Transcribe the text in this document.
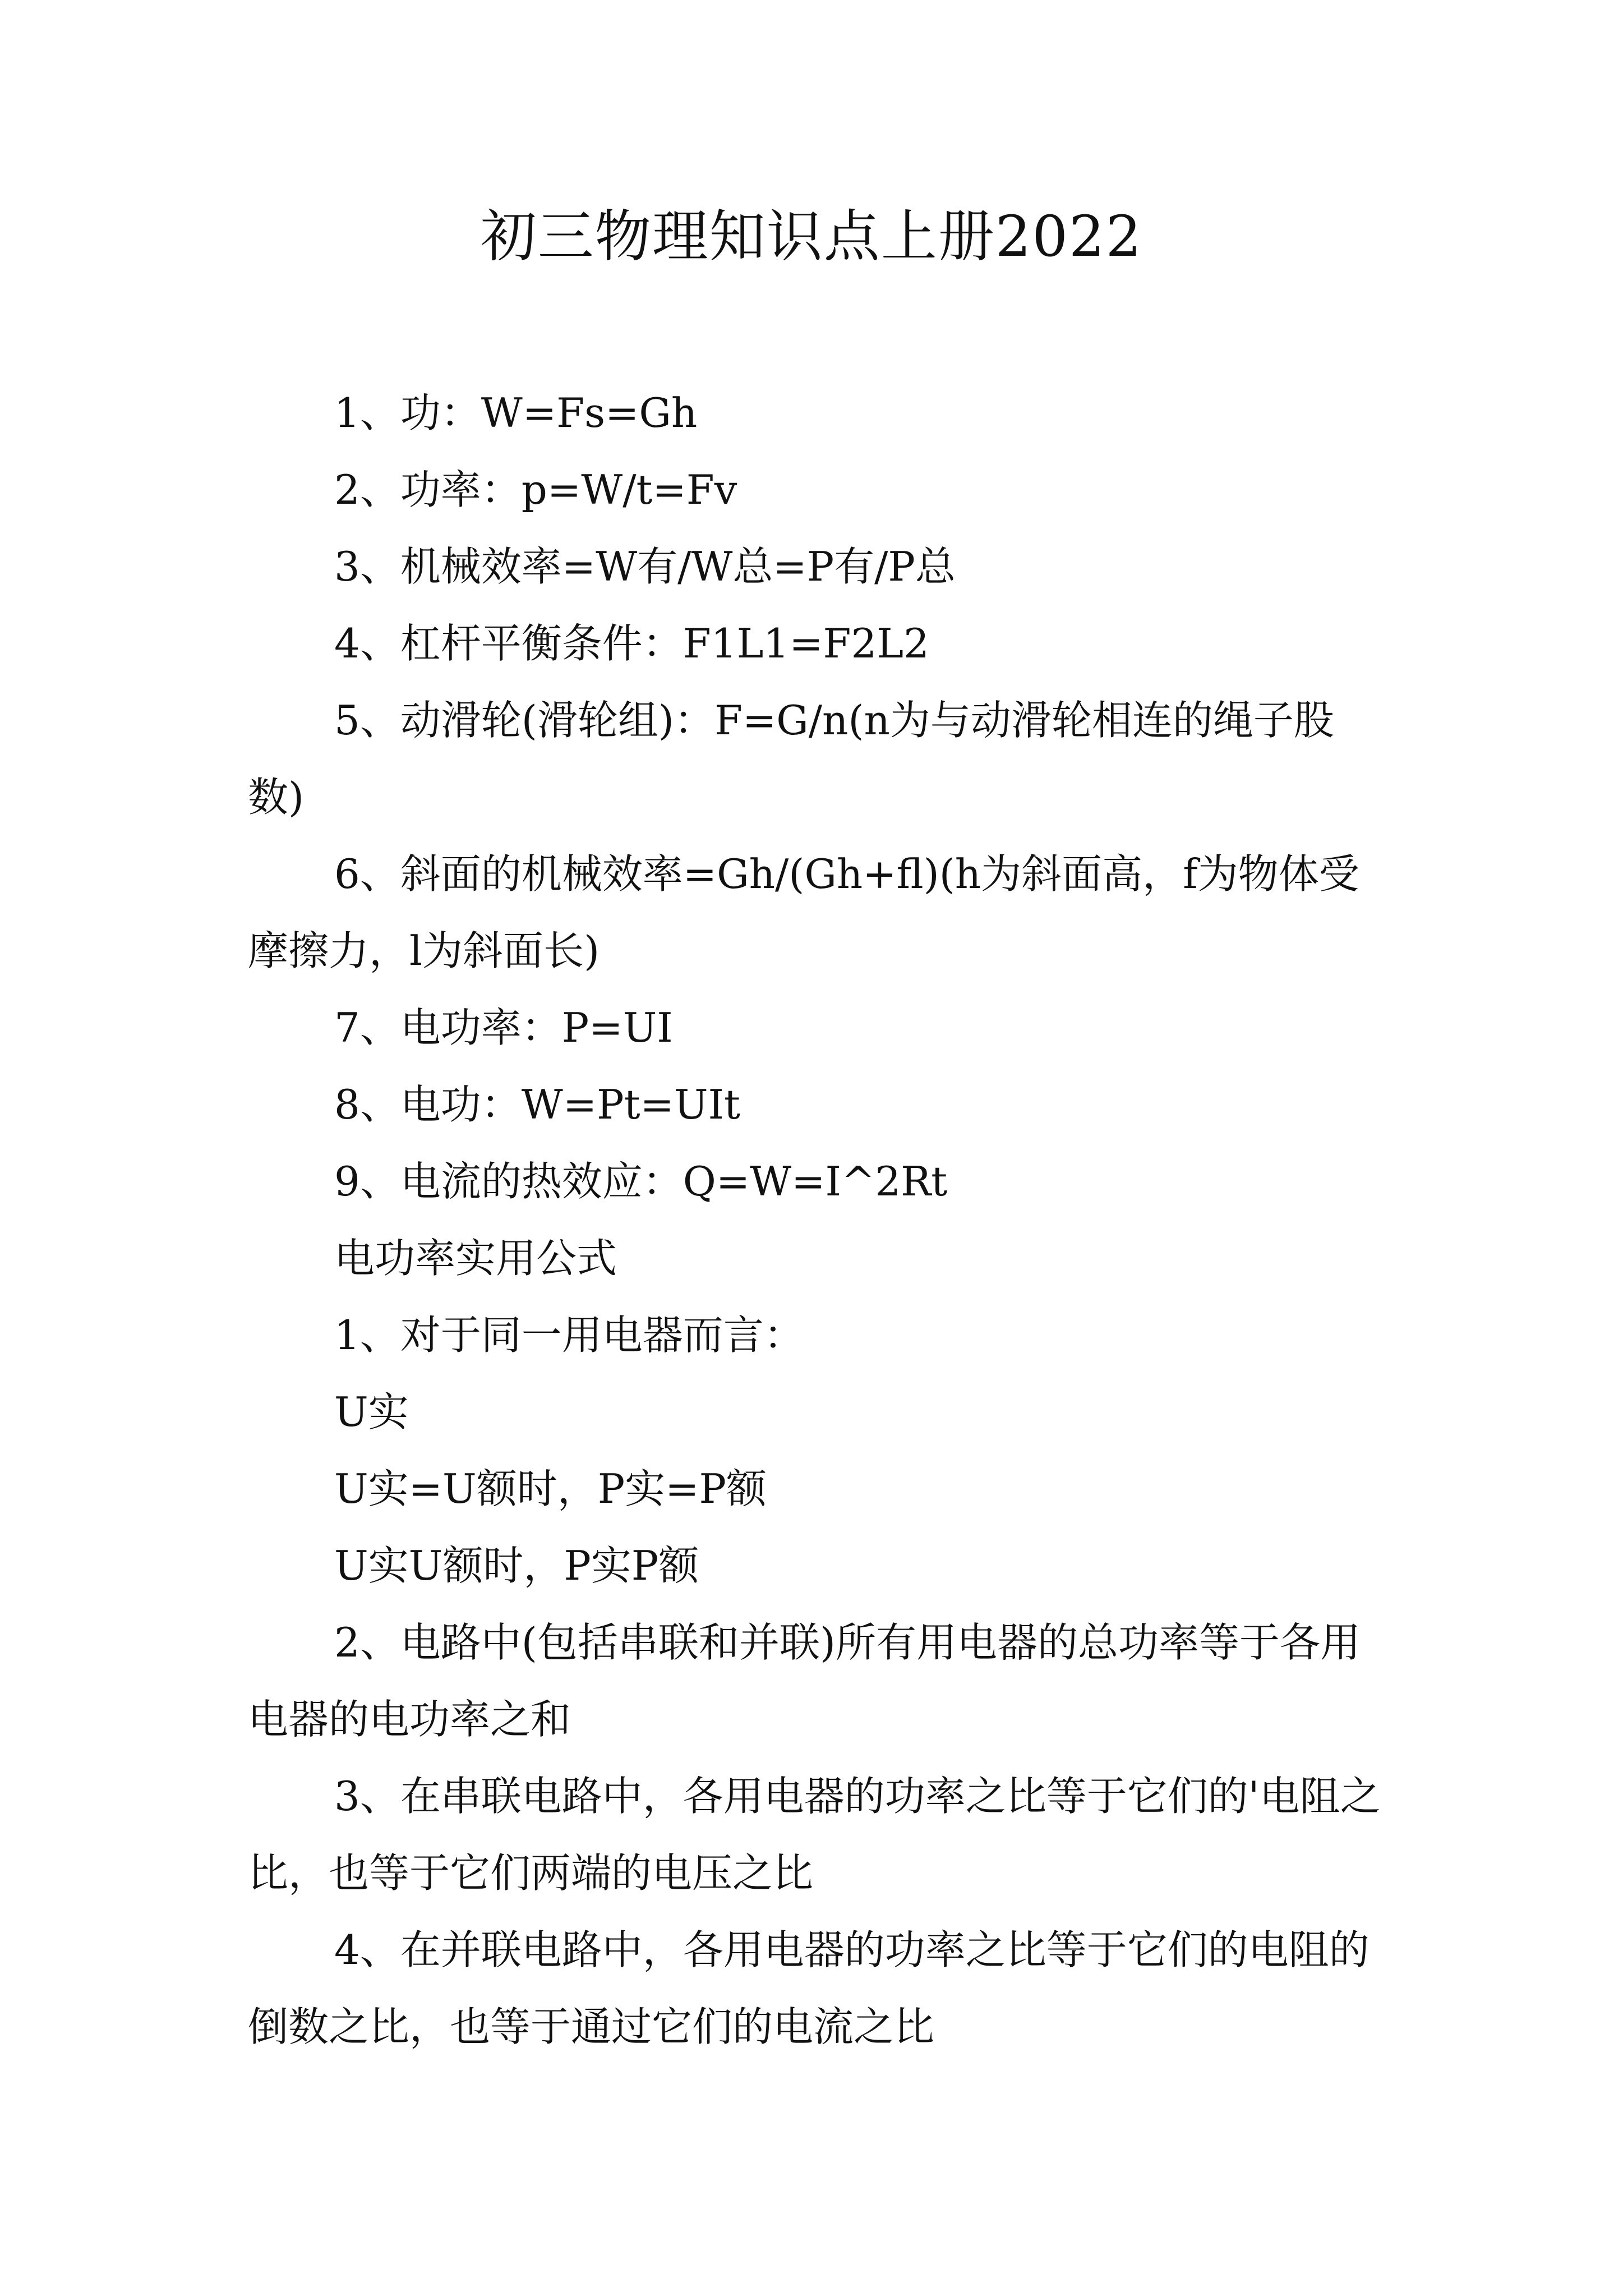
初三物理知识点上册2022

1、功：W=Fs=Gh

2、功率：p=W/t=Fv

3、机械效率=W有/W总=P有/P总

4、杠杆平衡条件：F1L1=F2L2

5、动滑轮(滑轮组)：F=G/n(n为与动滑轮相连的绳子股数)

6、斜面的机械效率=Gh/(Gh+fl)(h为斜面高，f为物体受摩擦力，l为斜面长)

7、电功率：P=UI

8、电功：W=Pt=UIt

9、电流的热效应：Q=W=I^2Rt

电功率实用公式

1、对于同一用电器而言：

U实

U实=U额时，P实=P额

U实U额时，P实P额

2、电路中(包括串联和并联)所有用电器的总功率等于各用电器的电功率之和

3、在串联电路中，各用电器的功率之比等于它们的'电阻之比，也等于它们两端的电压之比

4、在并联电路中，各用电器的功率之比等于它们的电阻的倒数之比，也等于通过它们的电流之比
